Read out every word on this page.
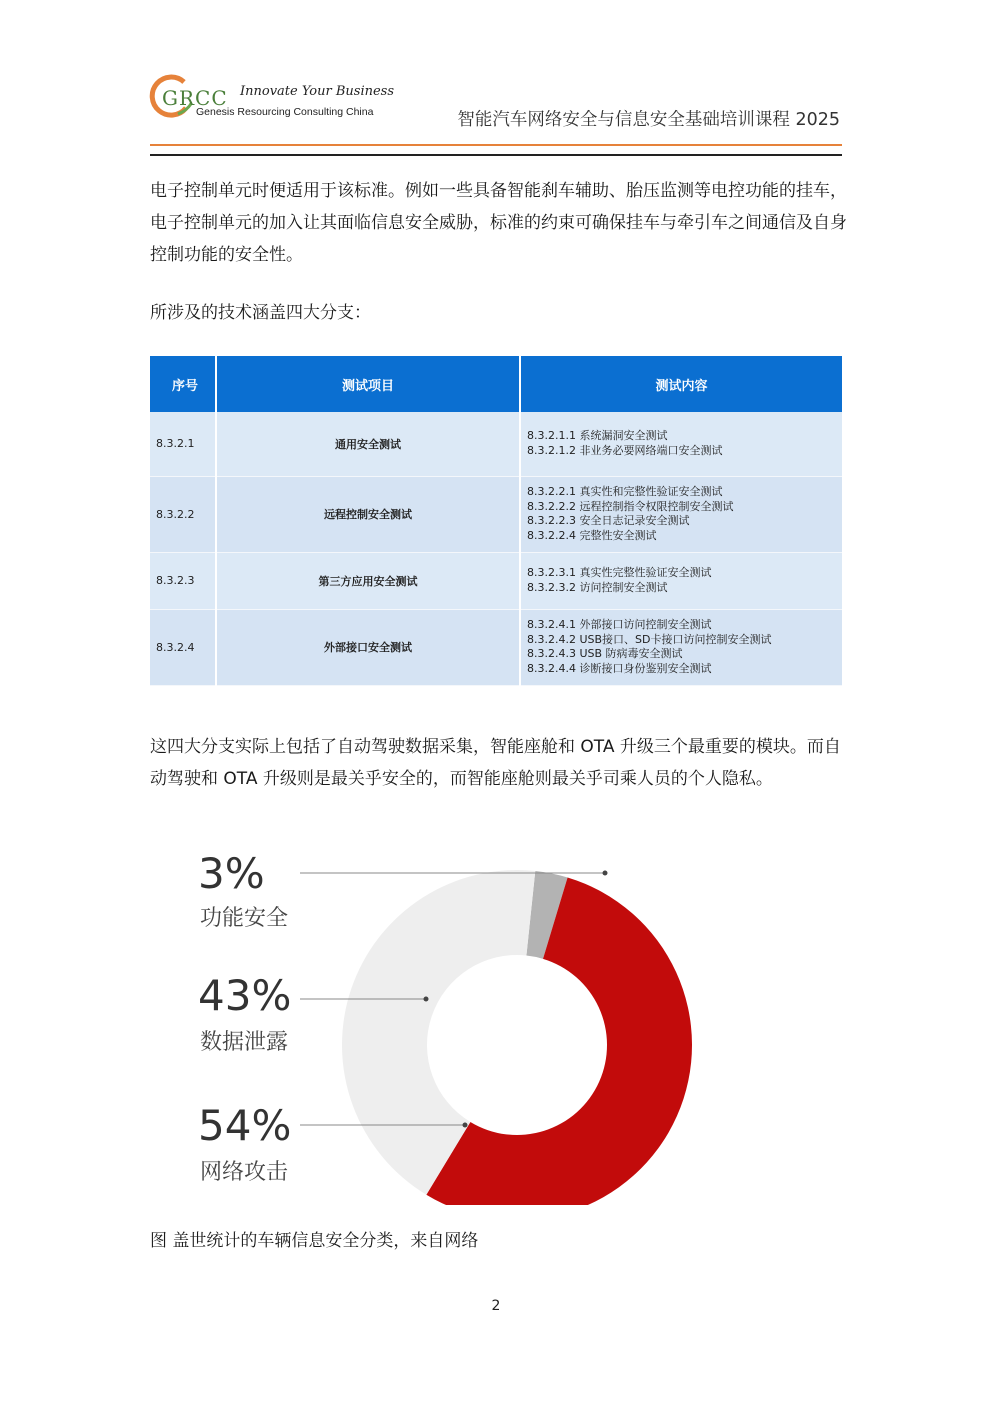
GRCC Innovate Your Business
Genesis Resourcing Consulting China	智能汽车网络安全与信息安全基础培训课程 2025
电子控制单元时便适用于该标准。例如一些具备智能刹车辅助、胎压监测等电控功能的挂车，电子控制单元的加入让其面临信息安全威胁，标准的约束可确保挂车与牵引车之间通信及自身控制功能的安全性。
所涉及的技术涵盖四大分支：
序号	测试项目	测试内容
8.3.2.1	通用安全测试	8.3.2.1.1 系统漏洞安全测试
8.3.2.1.2 非业务必要网络端口安全测试

8.3.2.2	远程控制安全测试	8.3.2.2.1 真实性和完整性验证安全测试
8.3.2.2.2 远程控制指令权限控制安全测试
8.3.2.2.3 安全日志记录安全测试
8.3.2.2.4 完整性安全测试

8.3.2.3	第三方应用安全测试	8.3.2.3.1 真实性完整性验证安全测试
8.3.2.3.2 访问控制安全测试

8.3.2.4	外部接口安全测试	8.3.2.4.1 外部接口访问控制安全测试
8.3.2.4.2 USB接口、SD卡接口访问控制安全测试
8.3.2.4.3 USB 防病毒安全测试
8.3.2.4.4 诊断接口身份鉴别安全测试
这四大分支实际上包括了自动驾驶数据采集，智能座舱和 OTA 升级三个最重要的模块。而自动驾驶和 OTA 升级则是最关乎安全的，而智能座舱则最关乎司乘人员的个人隐私。
3%
功能安全
43%
数据泄露
54%
网络攻击
图 盖世统计的车辆信息安全分类，来自网络
2
